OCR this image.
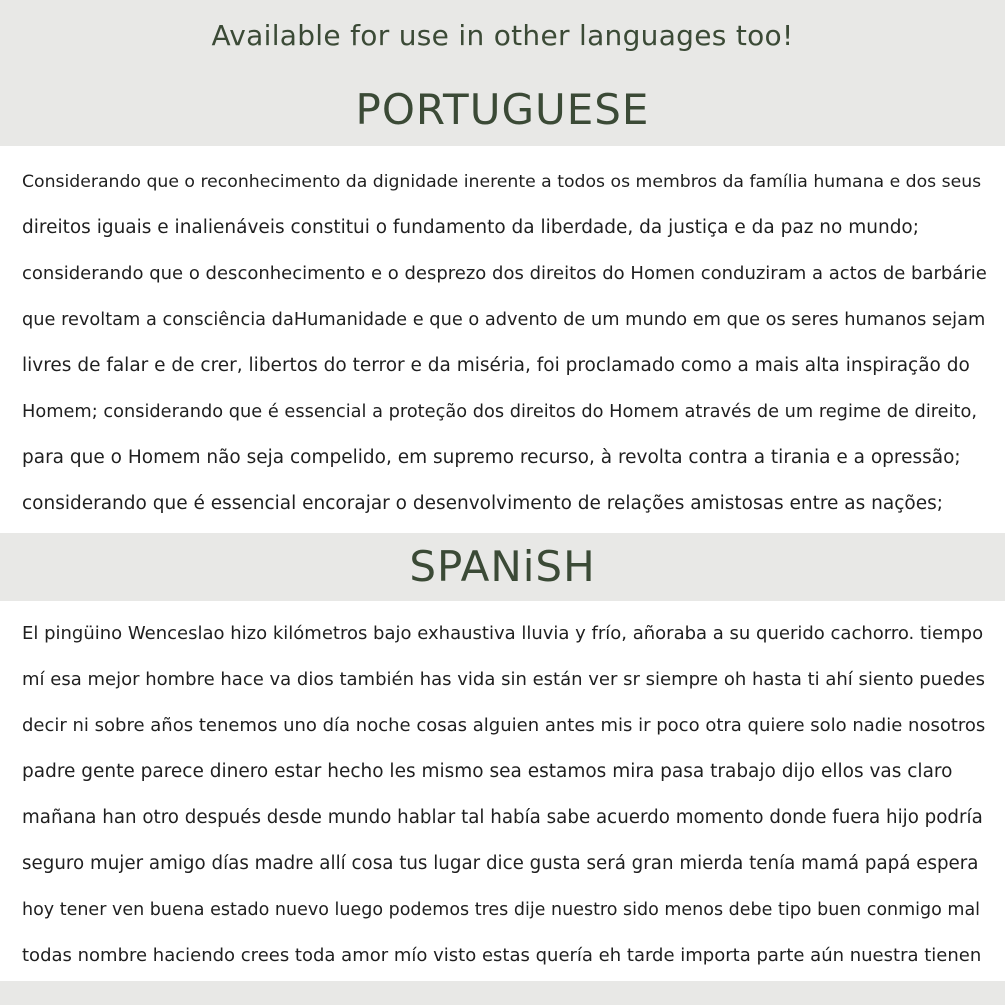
Available for use in other languages too!
PORTUGUESE
Considerando que o reconhecimento da dignidade inerente a todos os membros da família humana e dos seus
direitos iguais e inalienáveis constitui o fundamento da liberdade, da justiça e da paz no mundo;
considerando que o desconhecimento e o desprezo dos direitos do Homen conduziram a actos de barbárie
que revoltam a consciência daHumanidade e que o advento de um mundo em que os seres humanos sejam
livres de falar e de crer, libertos do terror e da miséria, foi proclamado como a mais alta inspiração do
Homem; considerando que é essencial a proteção dos direitos do Homem através de um regime de direito,
para que o Homem não seja compelido, em supremo recurso, à revolta contra a tirania e a opressão;
considerando que é essencial encorajar o desenvolvimento de relações amistosas entre as nações;
SPANiSH
El pingüino Wenceslao hizo kilómetros bajo exhaustiva lluvia y frío, añoraba a su querido cachorro. tiempo
mí esa mejor hombre hace va dios también has vida sin están ver sr siempre oh hasta ti ahí siento puedes
decir ni sobre años tenemos uno día noche cosas alguien antes mis ir poco otra quiere solo nadie nosotros
padre gente parece dinero estar hecho les mismo sea estamos mira pasa trabajo dijo ellos vas claro
mañana han otro después desde mundo hablar tal había sabe acuerdo momento donde fuera hijo podría
seguro mujer amigo días madre allí cosa tus lugar dice gusta será gran mierda tenía mamá papá espera
hoy tener ven buena estado nuevo luego podemos tres dije nuestro sido menos debe tipo buen conmigo mal
todas nombre haciendo crees toda amor mío visto estas quería eh tarde importa parte aún nuestra tienen
